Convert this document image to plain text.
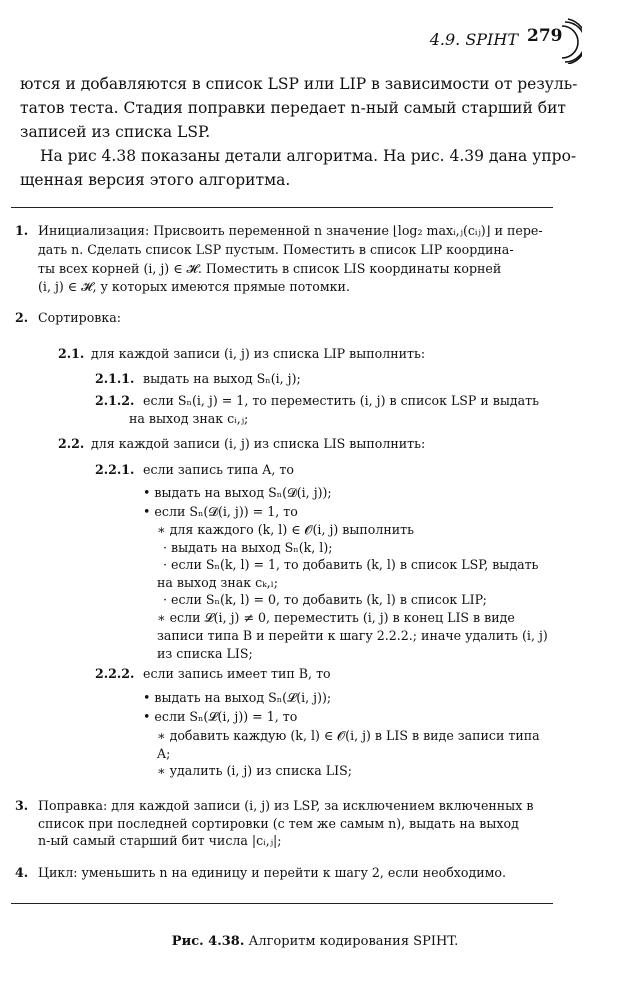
4.9. SPIHT 279
ются и добавляются в список LSP или LIP в зависимости от резуль-
татов теста. Стадия поправки передает n-ный самый старший бит
записей из списка LSP.
На рис 4.38 показаны детали алгоритма. На рис. 4.39 дана упро-
щенная версия этого алгоритма.
1. Инициализация: Присвоить переменной n значение ⌊log₂ maxᵢ,ⱼ(cᵢⱼ)⌋ и пере-
дать n. Сделать список LSP пустым. Поместить в список LIP координа-
ты всех корней (i, j) ∈ 𝓗. Поместить в список LIS координаты корней
(i, j) ∈ 𝓗, у которых имеются прямые потомки.
2. Сортировка:
2.1. для каждой записи (i, j) из списка LIP выполнить:
2.1.1. выдать на выход Sₙ(i, j);
2.1.2. если Sₙ(i, j) = 1, то переместить (i, j) в список LSP и выдать
на выход знак cᵢ,ⱼ;
2.2. для каждой записи (i, j) из списка LIS выполнить:
2.2.1. если запись типа A, то
• выдать на выход Sₙ(𝓓(i, j));
• если Sₙ(𝓓(i, j)) = 1, то
∗ для каждого (k, l) ∈ 𝓞(i, j) выполнить
· выдать на выход Sₙ(k, l);
· если Sₙ(k, l) = 1, то добавить (k, l) в список LSP, выдать
на выход знак cₖ,ₗ;
· если Sₙ(k, l) = 0, то добавить (k, l) в список LIP;
∗ если 𝓛(i, j) ≠ 0, переместить (i, j) в конец LIS в виде
записи типа B и перейти к шагу 2.2.2.; иначе удалить (i, j)
из списка LIS;
2.2.2. если запись имеет тип B, то
• выдать на выход Sₙ(𝓛(i, j));
• если Sₙ(𝓛(i, j)) = 1, то
∗ добавить каждую (k, l) ∈ 𝓞(i, j) в LIS в виде записи типа
A;
∗ удалить (i, j) из списка LIS;
3. Поправка: для каждой записи (i, j) из LSP, за исключением включенных в
список при последней сортировки (с тем же самым n), выдать на выход
n-ый самый старший бит числа |cᵢ,ⱼ|;
4. Цикл: уменьшить n на единицу и перейти к шагу 2, если необходимо.
Рис. 4.38. Алгоритм кодирования SPIHT.
